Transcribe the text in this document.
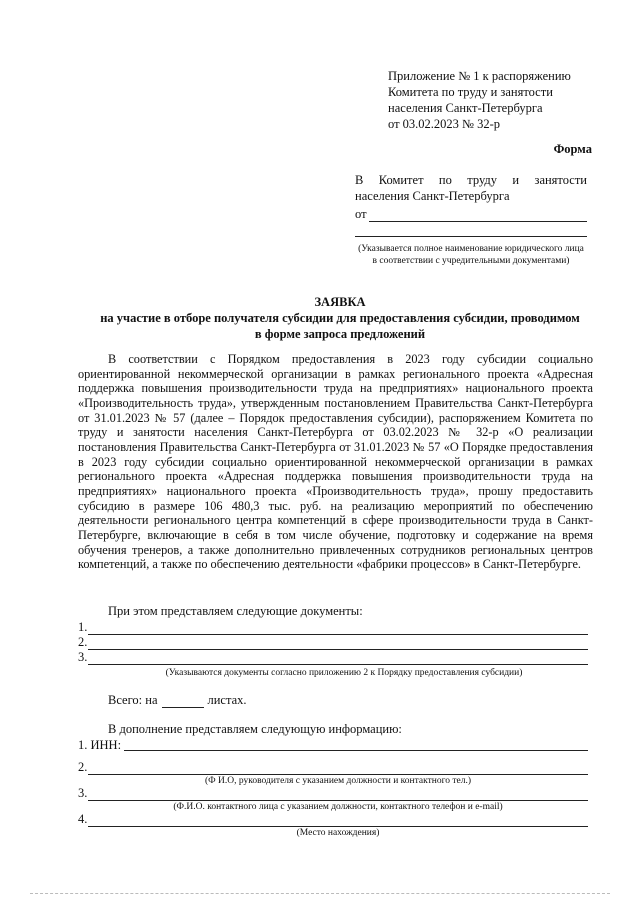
Приложение № 1 к распоряжению
Комитета по труду и занятости
населения Санкт-Петербурга
от 03.02.2023 № 32-р
Форма
В Комитет по труду и занятости
населения Санкт-Петербурга
от
(Указывается полное наименование юридического лица в соответствии с учредительными документами)
ЗАЯВКА
на участие в отборе получателя субсидии для предоставления субсидии, проводимом
в форме запроса предложений
В соответствии с Порядком предоставления в 2023 году субсидии социально ориентированной некоммерческой организации в рамках регионального проекта «Адресная поддержка повышения производительности труда на предприятиях» национального проекта «Производительность труда», утвержденным постановлением Правительства Санкт-Петербурга от 31.01.2023 № 57 (далее – Порядок предоставления субсидии), распоряжением Комитета по труду и занятости населения Санкт-Петербурга от 03.02.2023 № 32-р «О реализации постановления Правительства Санкт-Петербурга от 31.01.2023 № 57 «О Порядке предоставления в 2023 году субсидии социально ориентированной некоммерческой организации в рамках регионального проекта «Адресная поддержка повышения производительности труда на предприятиях» национального проекта «Производительность труда», прошу предоставить субсидию в размере 106 480,3 тыс. руб. на реализацию мероприятий по обеспечению деятельности регионального центра компетенций в сфере производительности труда в Санкт-Петербурге, включающие в себя в том числе обучение, подготовку и содержание на время обучения тренеров, а также дополнительно привлеченных сотрудников региональных центров компетенций, а также по обеспечению деятельности «фабрики процессов» в Санкт-Петербурге.
При этом представляем следующие документы:
1.
2.
3.
(Указываются документы согласно приложению 2 к Порядку предоставления субсидии)
Всего: на	листах.
В дополнение представляем следующую информацию:
1. ИНН:
2.
(Ф И.О, руководителя с указанием должности и контактного тел.)
3.
(Ф.И.О. контактного лица с указанием должности, контактного телефон и e-mail)
4.
(Место нахождения)
